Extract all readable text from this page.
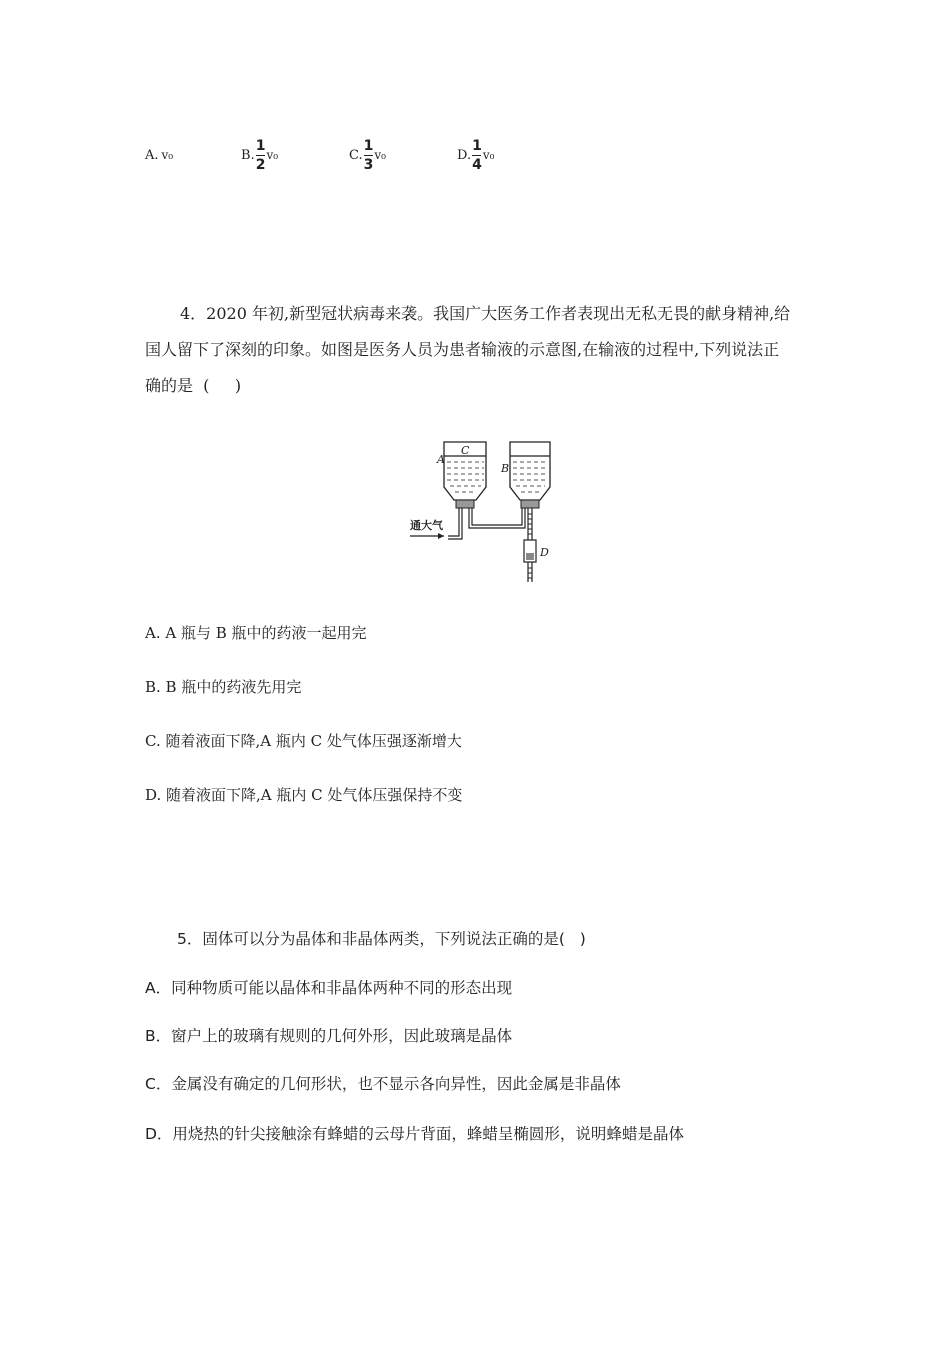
A. v₀	B. $\frac{1}{2} v_0$	C. $\frac{1}{3} v_0$	D. $\frac{1}{4} v_0$
4．2020 年初,新型冠状病毒来袭。我国广大医务工作者表现出无私无畏的献身精神,给
国人留下了深刻的印象。如图是医务人员为患者输液的示意图,在输液的过程中,下列说法正
确的是  (     )
A
C
B
D
通大气
A. A 瓶与 B 瓶中的药液一起用完
B. B 瓶中的药液先用完
C. 随着液面下降,A 瓶内 C 处气体压强逐渐增大
D. 随着液面下降,A 瓶内 C 处气体压强保持不变
5．固体可以分为晶体和非晶体两类，下列说法正确的是(   )
A．同种物质可能以晶体和非晶体两种不同的形态出现
B．窗户上的玻璃有规则的几何外形，因此玻璃是晶体
C．金属没有确定的几何形状，也不显示各向异性，因此金属是非晶体
D．用烧热的针尖接触涂有蜂蜡的云母片背面，蜂蜡呈椭圆形，说明蜂蜡是晶体
